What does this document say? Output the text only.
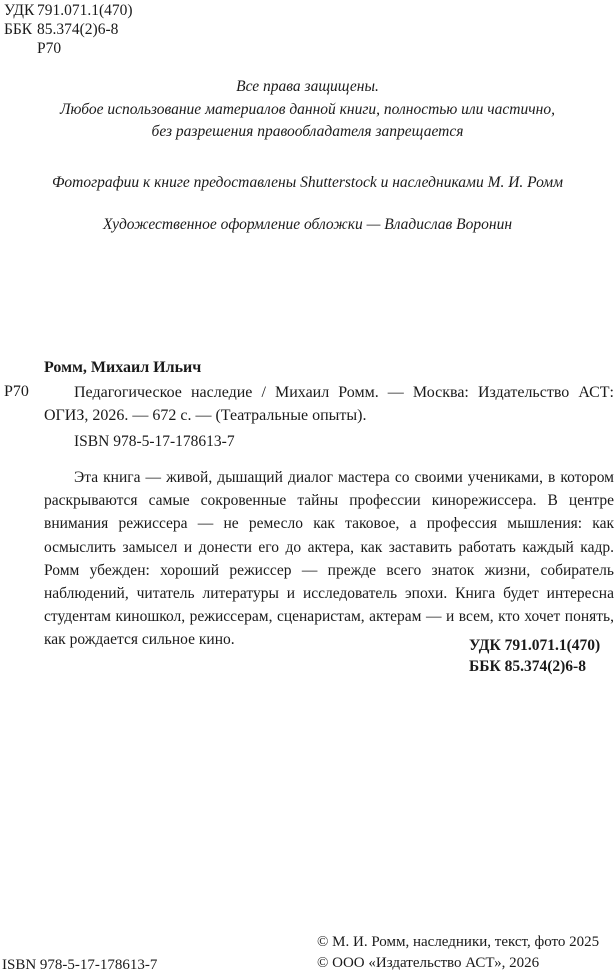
УДК 791.071.1(470)
ББК 85.374(2)6-8
Р70
Все права защищены.
Любое использование материалов данной книги, полностью или частично,
без разрешения правообладателя запрещается

Фотографии к книге предоставлены Shutterstock и наследниками М. И. Ромм

Художественное оформление обложки — Владислав Воронин

Ромм, Михаил Ильич
Р70	Педагогическое наследие / Михаил Ромм. — Москва: Издательство АСТ: ОГИЗ, 2026. — 672 с. — (Театральные опыты).

ISBN 978-5-17-178613-7

Эта книга — живой, дышащий диалог мастера со своими учениками, в котором раскрываются самые сокровенные тайны профессии кинорежиссера. В центре внимания режиссера — не ремесло как таковое, а профессия мышления: как осмыслить замысел и донести его до актера, как заставить работать каждый кадр. Ромм убежден: хороший режиссер — прежде всего знаток жизни, собиратель наблюдений, читатель литературы и исследователь эпохи. Книга будет интересна студентам киношкол, режиссерам, сценаристам, актерам — и всем, кто хочет понять, как рождается сильное кино.	УДК 791.071.1(470)
ББК 85.374(2)6-8
© М. И. Ромм, наследники, текст, фото 2025
© ООО «Издательство АСТ», 2026
ISBN 978-5-17-178613-7
